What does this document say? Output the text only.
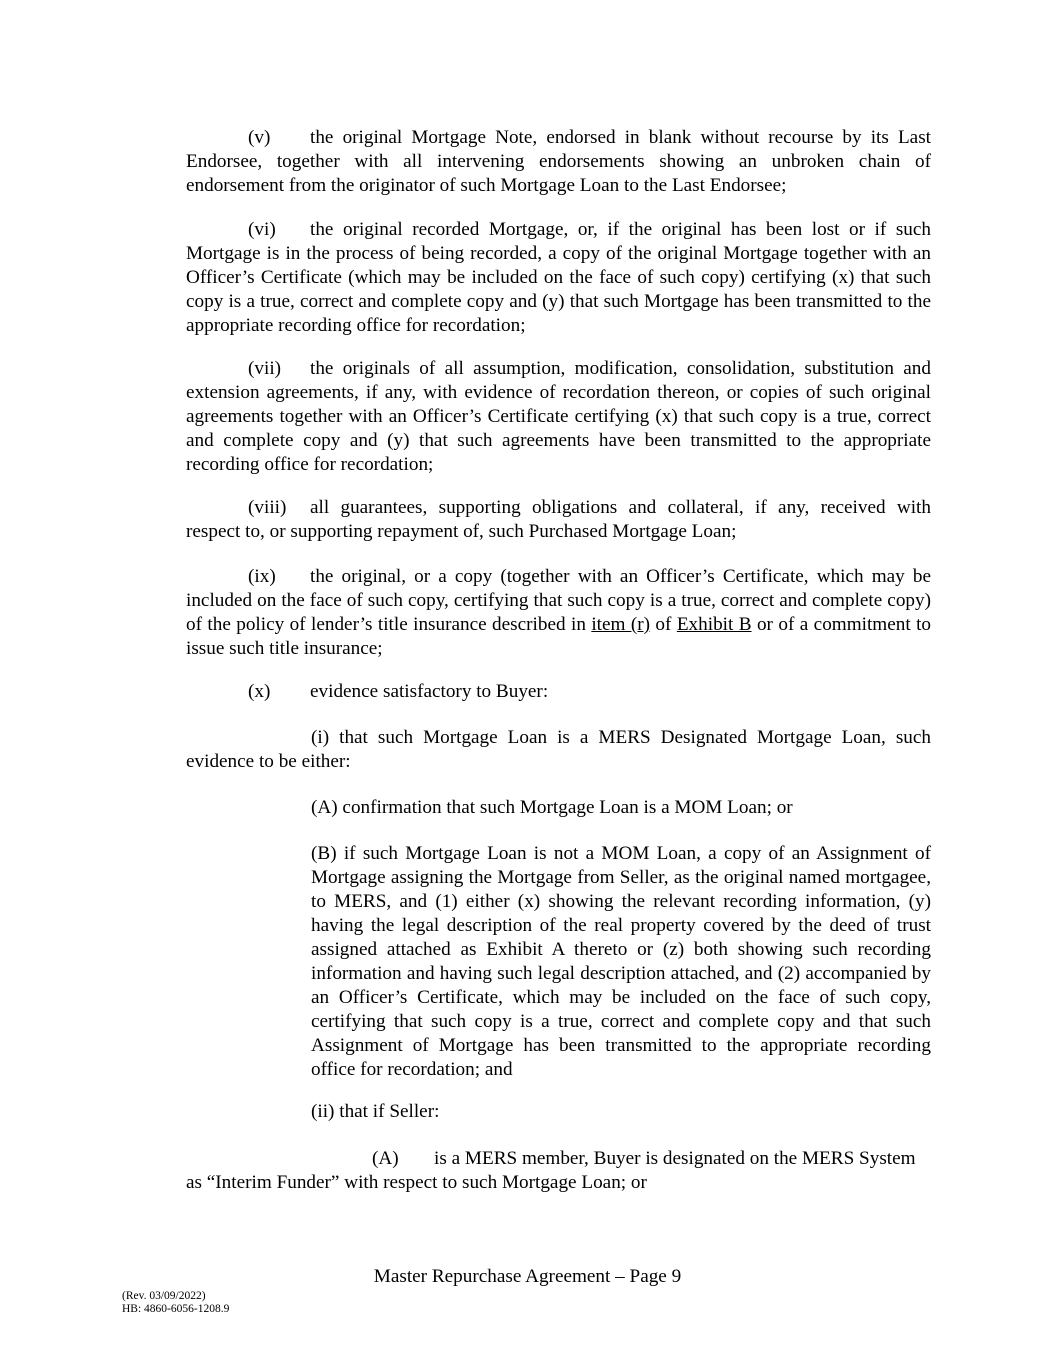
(v) the original Mortgage Note, endorsed in blank without recourse by its Last Endorsee, together with all intervening endorsements showing an unbroken chain of endorsement from the originator of such Mortgage Loan to the Last Endorsee;

(vi) the original recorded Mortgage, or, if the original has been lost or if such Mortgage is in the process of being recorded, a copy of the original Mortgage together with an Officer’s Certificate (which may be included on the face of such copy) certifying (x) that such copy is a true, correct and complete copy and (y) that such Mortgage has been transmitted to the appropriate recording office for recordation;

(vii) the originals of all assumption, modification, consolidation, substitution and extension agreements, if any, with evidence of recordation thereon, or copies of such original agreements together with an Officer’s Certificate certifying (x) that such copy is a true, correct and complete copy and (y) that such agreements have been transmitted to the appropriate recording office for recordation;

(viii) all guarantees, supporting obligations and collateral, if any, received with respect to, or supporting repayment of, such Purchased Mortgage Loan;

(ix) the original, or a copy (together with an Officer’s Certificate, which may be included on the face of such copy, certifying that such copy is a true, correct and complete copy) of the policy of lender’s title insurance described in item (r) of Exhibit B or of a commitment to issue such title insurance;

(x) evidence satisfactory to Buyer:

(i) that such Mortgage Loan is a MERS Designated Mortgage Loan, such evidence to be either:

(A) confirmation that such Mortgage Loan is a MOM Loan; or

(B) if such Mortgage Loan is not a MOM Loan, a copy of an Assignment of Mortgage assigning the Mortgage from Seller, as the original named mortgagee, to MERS, and (1) either (x) showing the relevant recording information, (y) having the legal description of the real property covered by the deed of trust assigned attached as Exhibit A thereto or (z) both showing such recording information and having such legal description attached, and (2) accompanied by an Officer’s Certificate, which may be included on the face of such copy, certifying that such copy is a true, correct and complete copy and that such Assignment of Mortgage has been transmitted to the appropriate recording office for recordation; and

(ii) that if Seller:

(A) is a MERS member, Buyer is designated on the MERS System as “Interim Funder” with respect to such Mortgage Loan; or

Master Repurchase Agreement – Page 9
(Rev. 03/09/2022)
HB: 4860-6056-1208.9
